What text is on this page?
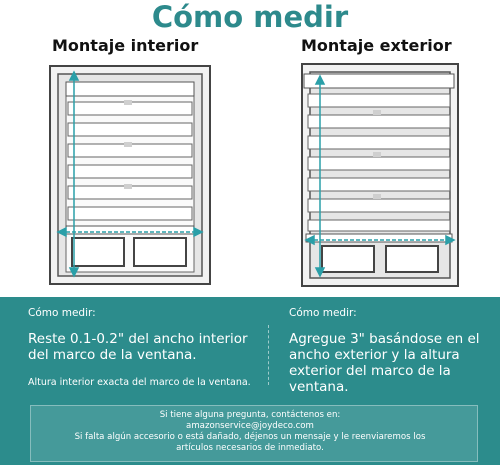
Cómo medir
Montaje interior	Montaje exterior
Cómo medir:
Reste 0.1-0.2" del ancho interior del marco de la ventana.
Altura interior exacta del marco de la ventana.
Cómo medir:
Agregue 3" basándose en el ancho exterior y la altura exterior del marco de la ventana.
Si tiene alguna pregunta, contáctenos en:
amazonservice@joydeco.com
Si falta algún accesorio o está dañado, déjenos un mensaje y le reenviaremos los
artículos necesarios de inmediato.
